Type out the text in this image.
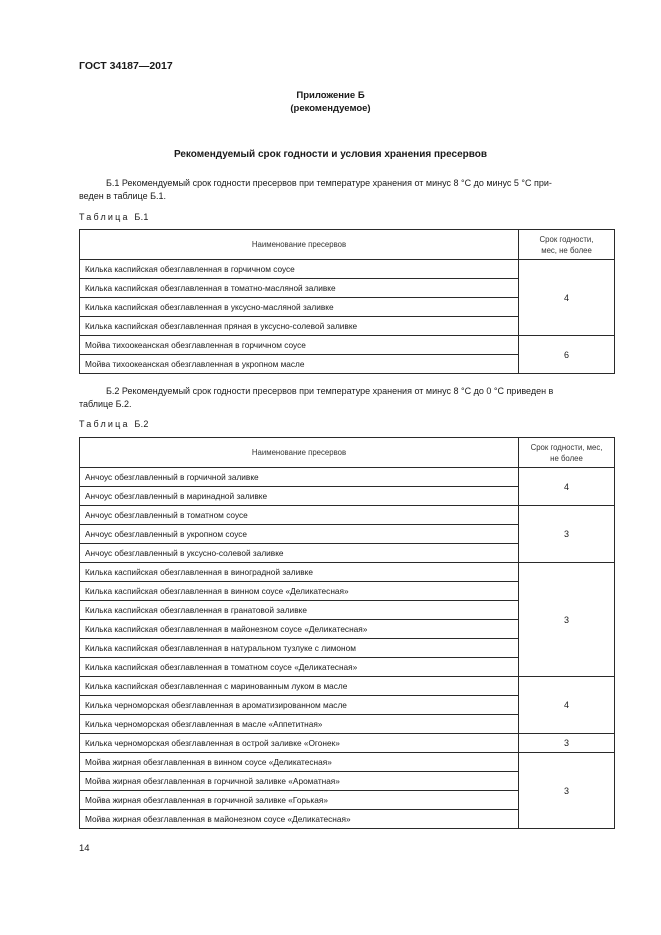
ГОСТ 34187—2017
Приложение Б
(рекомендуемое)
Рекомендуемый срок годности и условия хранения пресервов
Б.1 Рекомендуемый срок годности пресервов при температуре хранения от минус 8 °С до минус 5 °С при-
веден в таблице Б.1.
Таблица Б.1
Наименование пресервов	Срок годности,
мес, не более

Килька каспийская обезглавленная в горчичном соусе	4
Килька каспийская обезглавленная в томатно-масляной заливке	
Килька каспийская обезглавленная в уксусно-масляной заливке	
Килька каспийская обезглавленная пряная в уксусно-солевой заливке	
Мойва тихоокеанская обезглавленная в горчичном соусе	6
Мойва тихоокеанская обезглавленная в укропном масле	
Б.2 Рекомендуемый срок годности пресервов при температуре хранения от минус 8 °С до 0 °С приведен в
таблице Б.2.
Таблица Б.2
Наименование пресервов	Срок годности, мес,
не более

Анчоус обезглавленный в горчичной заливке	4
Анчоус обезглавленный в маринадной заливке	
Анчоус обезглавленный в томатном соусе	3
Анчоус обезглавленный в укропном соусе	
Анчоус обезглавленный в уксусно-солевой заливке	
Килька каспийская обезглавленная в виноградной заливке	3
Килька каспийская обезглавленная в винном соусе «Деликатесная»	
Килька каспийская обезглавленная в гранатовой заливке	
Килька каспийская обезглавленная в майонезном соусе «Деликатесная»	
Килька каспийская обезглавленная в натуральном тузлуке с лимоном	
Килька каспийская обезглавленная в томатном соусе «Деликатесная»	
Килька каспийская обезглавленная с маринованным луком в масле	4
Килька черноморская обезглавленная в ароматизированном масле	
Килька черноморская обезглавленная в масле «Аппетитная»	
Килька черноморская обезглавленная в острой заливке «Огонек»	3
Мойва жирная обезглавленная в винном соусе «Деликатесная»	3
Мойва жирная обезглавленная в горчичной заливке «Ароматная»	
Мойва жирная обезглавленная в горчичной заливке «Горькая»	
Мойва жирная обезглавленная в майонезном соусе «Деликатесная»	
14
